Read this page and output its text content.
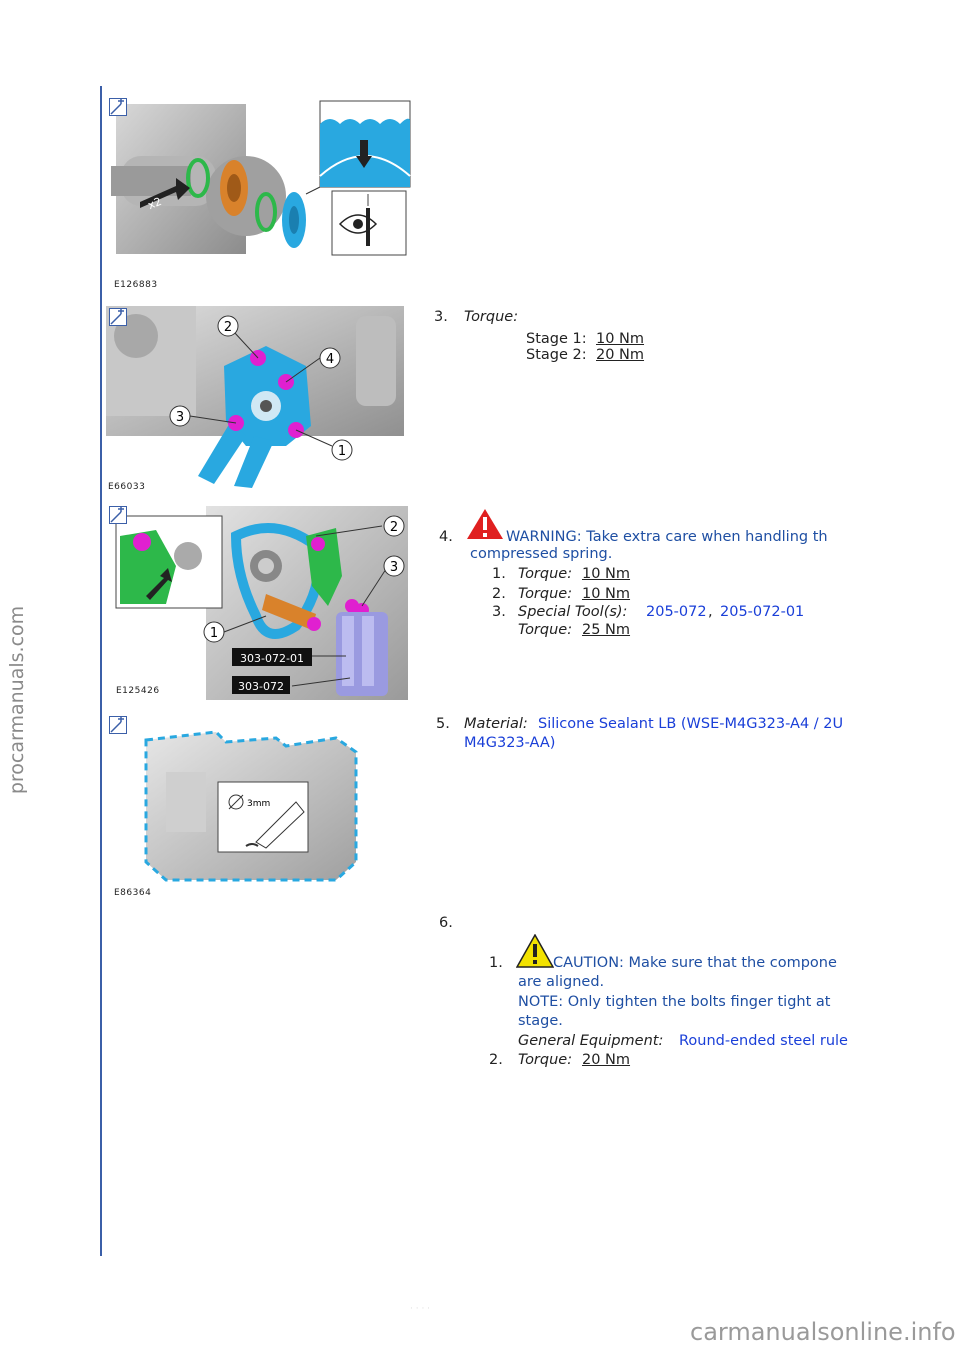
procarmanuals.com
x2
E126883
2
4
3
1
E66033
3. Torque:
Stage 1: 10 Nm
Stage 2: 20 Nm
2
3
1
303-072-01
303-072
E125426
4.	WARNING: Take extra care when handling th
compressed spring.
1. Torque: 10 Nm
2. Torque: 10 Nm
3. Special Tool(s): 205-072 , 205-072-01
Torque: 25 Nm
3mm
E86364
5. Material: Silicone Sealant LB (WSE-M4G323-A4 / 2U
M4G323-AA)
6.
1.	CAUTION: Make sure that the compone
are aligned.
NOTE: Only tighten the bolts finger tight at
stage.
General Equipment: Round-ended steel rule
2. Torque: 20 Nm
· · · ·
carmanualsonline.info
